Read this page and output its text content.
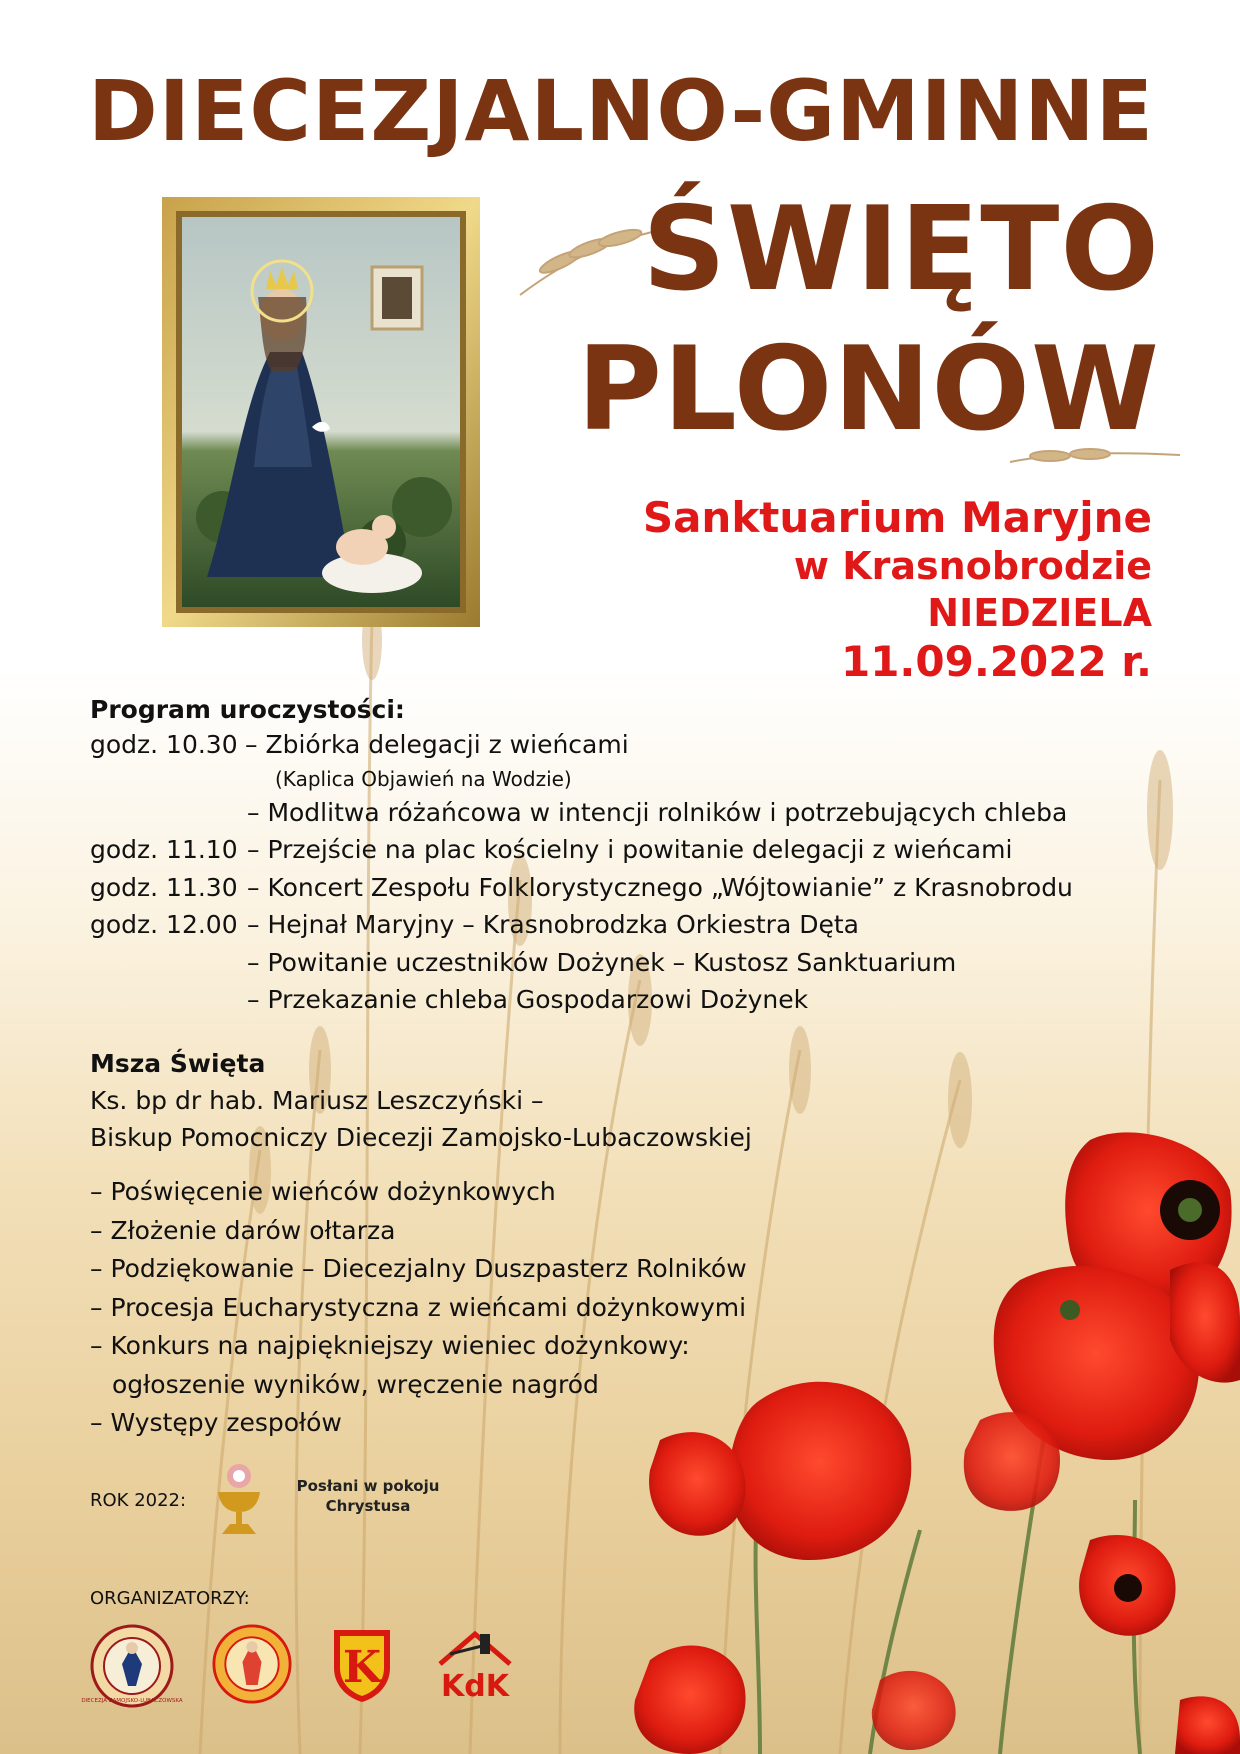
DIECEZJALNO-GMINNE
ŚWIĘTO
PLONÓW
Sanktuarium Maryjne
w Krasnobrodzie
NIEDZIELA
11.09.2022 r.
Program uroczystości:
godz. 10.30 – Zbiórka delegacji z wieńcami
(Kaplica Objawień na Wodzie)
– Modlitwa różańcowa w intencji rolników i potrzebujących chleba
godz. 11.10 – Przejście na plac kościelny i powitanie delegacji z wieńcami
godz. 11.30 – Koncert Zespołu Folklorystycznego „Wójtowianie” z Krasnobrodu
godz. 12.00 – Hejnał Maryjny – Krasnobrodzka Orkiestra Dęta
– Powitanie uczestników Dożynek – Kustosz Sanktuarium
– Przekazanie chleba Gospodarzowi Dożynek
Msza Święta
Ks. bp dr hab. Mariusz Leszczyński –
Biskup Pomocniczy Diecezji Zamojsko-Lubaczowskiej
– Poświęcenie wieńców dożynkowych
– Złożenie darów ołtarza
– Podziękowanie – Diecezjalny Duszpasterz Rolników
– Procesja Eucharystyczna z wieńcami dożynkowymi
– Konkurs na najpiękniejszy wieniec dożynkowy:
ogłoszenie wyników, wręczenie nagród
– Występy zespołów
ROK 2022:
Posłani w pokoju
Chrystusa
ORGANIZATORZY:
DIECEZJA ZAMOJSKO-LUBACZOWSKA
K KdK
